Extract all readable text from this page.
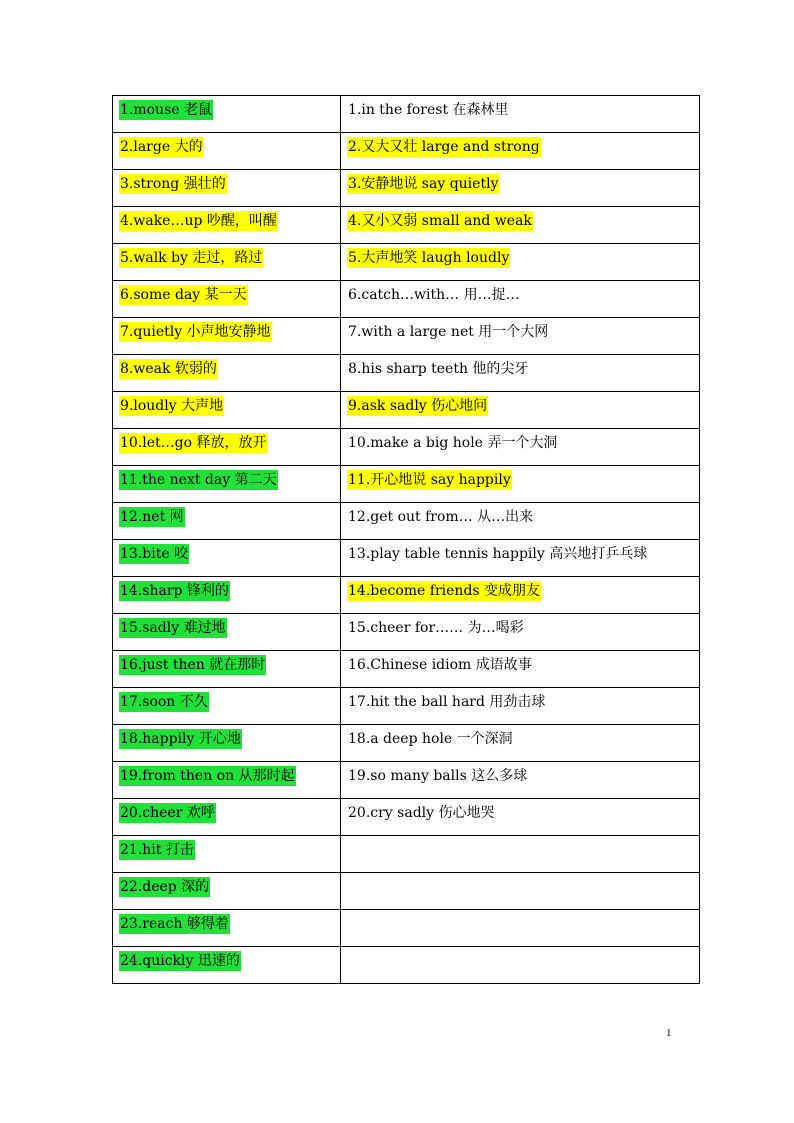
1.mouse 老鼠	1.in the forest 在森林里
2.large 大的	2.又大又壮 large and strong
3.strong 强壮的	3.安静地说 say quietly
4.wake…up 吵醒，叫醒	4.又小又弱 small and weak
5.walk by 走过，路过	5.大声地笑 laugh loudly
6.some day 某一天	6.catch…with… 用…捉…
7.quietly 小声地安静地	7.with a large net 用一个大网
8.weak 软弱的	8.his sharp teeth 他的尖牙
9.loudly 大声地	9.ask sadly 伤心地问
10.let…go 释放，放开	10.make a big hole 弄一个大洞
11.the next day 第二天	11.开心地说 say happily
12.net 网	12.get out from… 从…出来
13.bite 咬	13.play table tennis happily 高兴地打乒乓球
14.sharp 锋利的	14.become friends 变成朋友
15.sadly 难过地	15.cheer for…… 为…喝彩
16.just then 就在那时	16.Chinese idiom 成语故事
17.soon 不久	17.hit the ball hard 用劲击球
18.happily 开心地	18.a deep hole 一个深洞
19.from then on 从那时起	19.so many balls 这么多球
20.cheer 欢呼	20.cry sadly 伤心地哭
21.hit 打击	
22.deep 深的	
23.reach 够得着	
24.quickly 迅速的	
1
